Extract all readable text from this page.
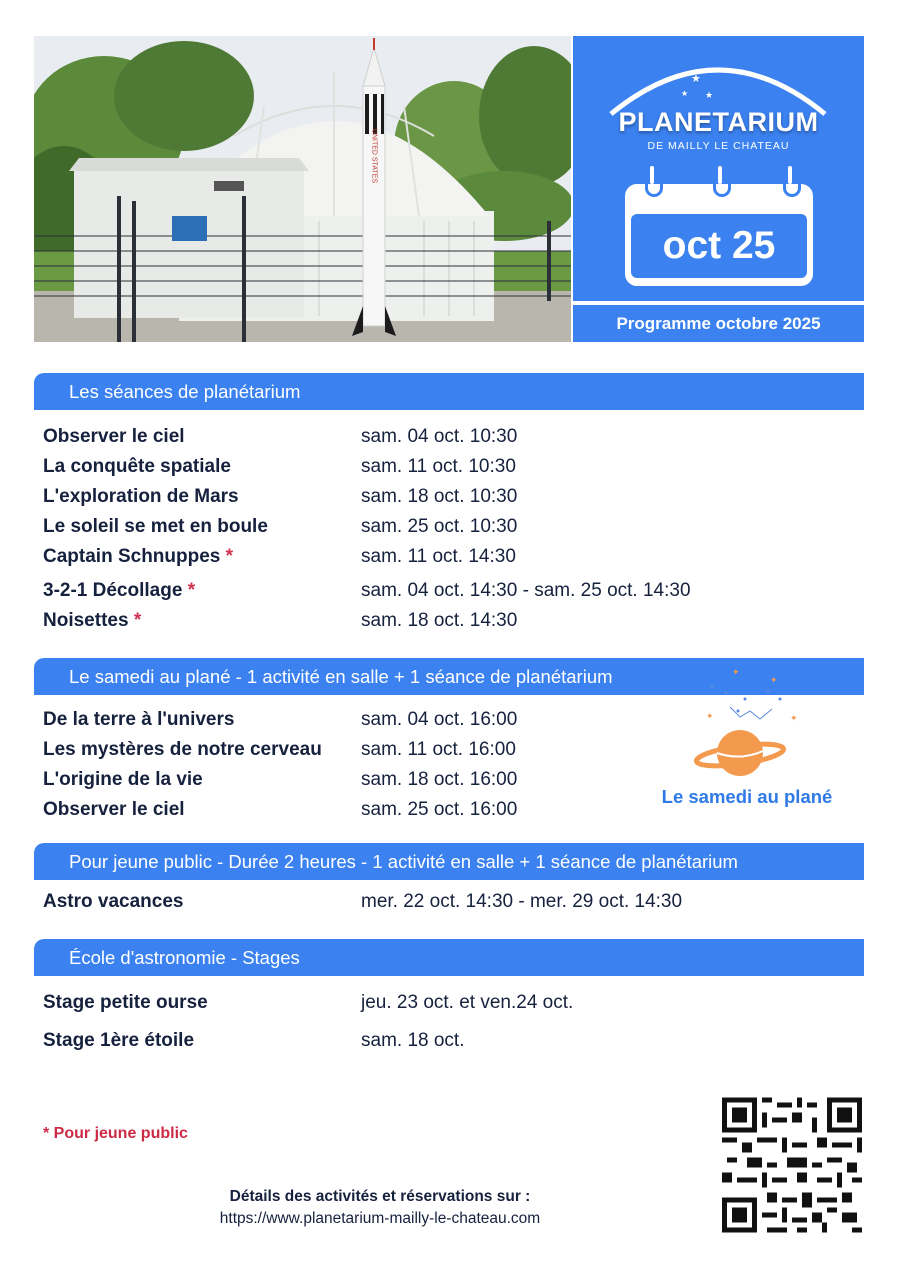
UNITED STATES
★
★
★
PLANETARIUM
DE MAILLY LE CHATEAU
oct 25
Programme octobre 2025
Les séances de planétarium
Observer le ciel	sam. 04 oct. 10:30
La conquête spatiale	sam. 11 oct. 10:30
L'exploration de Mars	sam. 18 oct. 10:30
Le soleil se met en boule	sam. 25 oct. 10:30
Captain Schnuppes *	sam. 11 oct. 14:30
3-2-1 Décollage *	sam. 04 oct. 14:30 - sam. 25 oct. 14:30
Noisettes *	sam. 18 oct. 14:30
Le samedi au plané - 1 activité en salle + 1 séance de planétarium
De la terre à l'univers	sam. 04 oct. 16:00
Les mystères de notre cerveau sam. 11 oct. 16:00
L'origine de la vie	sam. 18 oct. 16:00
Observer le ciel	sam. 25 oct. 16:00
✦	✦
✦
✦
Le samedi au plané
Pour jeune public - Durée 2 heures - 1 activité en salle + 1 séance de planétarium
Astro vacances	mer. 22 oct. 14:30 - mer. 29 oct. 14:30
École d'astronomie - Stages
Stage petite ourse	jeu. 23 oct. et ven.24 oct.
Stage 1ère étoile	sam. 18 oct.
* Pour jeune public
Détails des activités et réservations sur :
https://www.planetarium-mailly-le-chateau.com
